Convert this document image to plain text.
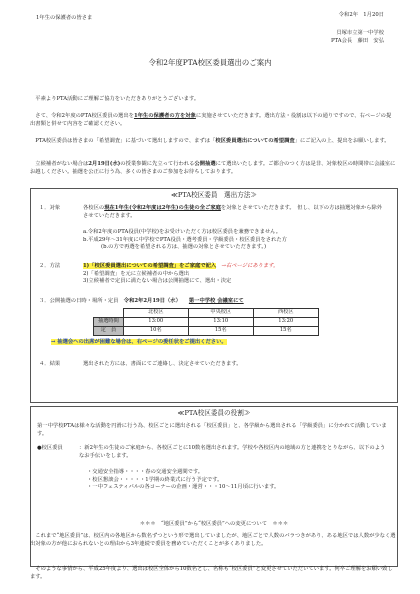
令和2年　1月20日
1年生の保護者の皆さま
貝塚市立第一中学校
PTA会長　藤田　安弘
令和2年度PTA校区委員選出のご案内

平素よりPTA活動にご理解ご協力をいただきありがとうございます。

さて、令和2年度のPTA校区委員の選出を1年生の保護者の方を対象に実施させていただきます。選出方法・役割は以下の通りですので、右ページの提出書類と併せて内容をご確認ください。

PTA校区委員は皆さまの「希望調査」に基づいて選出しますので、まずは「校区委員選出についての希望調査」にご記入の上、提出をお願いします。

立候補者がない場合は2月19日(水)の授業参観に先立って行われる公開抽選にて選出いたします。ご都合のつく方は是非、対象校区の時間帯に会議室にお越しください。抽選を公正に行う為、多くの皆さまのご参加をお待ちしております。

≪PTA校区委員　選出方法≫
１．対象	各校区の現在1年生(令和2年度は2年生)の生徒の全ご家庭を対象とさせていただきます。　但し、以下の方は抽選対象から除外させていただきます。
a.令和2年度のPTA役員(中学校)をお受けいただく方は校区委員を兼務できません。
b.平成29年～31年度に中学校でPTA役員・選考委員・学級委員・校区委員をされた方
(b.の方で再選を希望される方は、抽選の対象とさせていただきます。)
２．方法	1)「校区委員選出についての希望調査」をご家庭で記入　 →右ページにあります。
2)「希望調査」を元に立候補者の中から選出
3)立候補者で定員に満たない場合は公開抽選にて、選出・決定
３．公開抽選の日時・場所・定員　 令和2年2月19日（水）　　 第一中学校 会議室にて
	北校区	中央校区	西校区
抽選時間	13:00	13:10	13:20
定　員	10名	15名	15名
→ 抽選会への出席が困難な場合は、右ページの委任状をご提出ください。
４．結果	選出された方には、書面にてご連絡し、決定させていただきます。
≪PTA校区委員の役割≫
第一中学校PTAは様々な活動を円滑に行う為、校区ごとに選出される「校区委員」と、各学級から選出される「学級委員」に分かれて活動しています。
●校区委員	：新2年生の生徒のご家庭から、各校区ごとに10数名選出されます。学校や各校区内の地域の方と連携をとりながら、以下のようなお手伝いをします。
・交通安全指導・・・・春の交通安全週間です。
・校区懇談会・・・・・1学期の終業式に行う予定です。
・一中フェスティバルの各コーナーの企画・運営・・・10～11月頃に行います。
＊＊＊　“地区委員”から“校区委員”への変更について　＊＊＊
これまで“地区委員”は、校区内の各地区から数名ずつという形で選出していましたが、地区ごとで人数のバラつきがあり、ある地区では人数が少なく選出対象の方が他におられないとの理由から3年連続で委員を務めていただくことが多くありました。
そのような事情から、平成25年度より、選出は校区全体から10数名とし、名称も“校区委員”と変更させていただいています。何卒ご理解をお願い致します。
